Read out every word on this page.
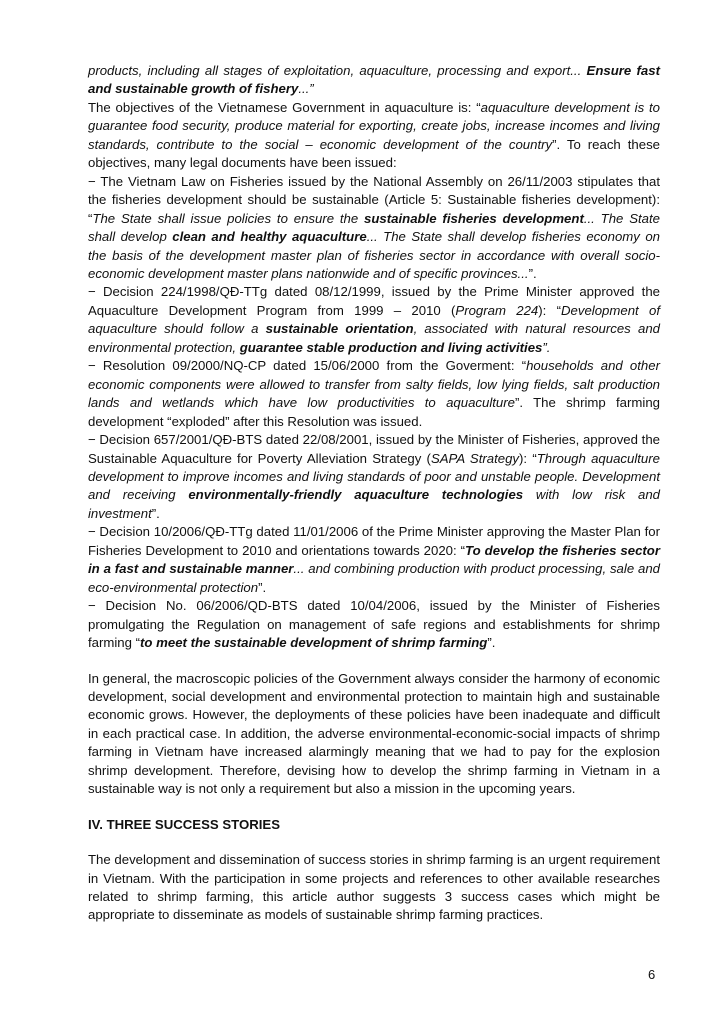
products, including all stages of exploitation, aquaculture, processing and export... Ensure fast and sustainable growth of fishery...”

The objectives of the Vietnamese Government in aquaculture is: “aquaculture development is to guarantee food security, produce material for exporting, create jobs, increase incomes and living standards, contribute to the social – economic development of the country”. To reach these objectives, many legal documents have been issued:

− The Vietnam Law on Fisheries issued by the National Assembly on 26/11/2003 stipulates that the fisheries development should be sustainable (Article 5: Sustainable fisheries development): “The State shall issue policies to ensure the sustainable fisheries development... The State shall develop clean and healthy aquaculture... The State shall develop fisheries economy on the basis of the development master plan of fisheries sector in accordance with overall socio-economic development master plans nationwide and of specific provinces...”.

− Decision 224/1998/QĐ-TTg dated 08/12/1999, issued by the Prime Minister approved the Aquaculture Development Program from 1999 – 2010 (Program 224): “Development of aquaculture should follow a sustainable orientation, associated with natural resources and environmental protection, guarantee stable production and living activities”.

− Resolution 09/2000/NQ-CP dated 15/06/2000 from the Goverment: “households and other economic components were allowed to transfer from salty fields, low lying fields, salt production lands and wetlands which have low productivities to aquaculture”. The shrimp farming development “exploded” after this Resolution was issued.

− Decision 657/2001/QĐ-BTS dated 22/08/2001, issued by the Minister of Fisheries, approved the Sustainable Aquaculture for Poverty Alleviation Strategy (SAPA Strategy): “Through aquaculture development to improve incomes and living standards of poor and unstable people. Development and receiving environmentally-friendly aquaculture technologies with low risk and investment”.

− Decision 10/2006/QĐ-TTg dated 11/01/2006 of the Prime Minister approving the Master Plan for Fisheries Development to 2010 and orientations towards 2020: “To develop the fisheries sector in a fast and sustainable manner... and combining production with product processing, sale and eco-environmental protection”.

− Decision No. 06/2006/QD-BTS dated 10/04/2006, issued by the Minister of Fisheries promulgating the Regulation on management of safe regions and establishments for shrimp farming “to meet the sustainable development of shrimp farming”.

In general, the macroscopic policies of the Government always consider the harmony of economic development, social development and environmental protection to maintain high and sustainable economic grows. However, the deployments of these policies have been inadequate and difficult in each practical case. In addition, the adverse environmental-economic-social impacts of shrimp farming in Vietnam have increased alarmingly meaning that we had to pay for the explosion shrimp development. Therefore, devising how to develop the shrimp farming in Vietnam in a sustainable way is not only a requirement but also a mission in the upcoming years.

IV. THREE SUCCESS STORIES

The development and dissemination of success stories in shrimp farming is an urgent requirement in Vietnam. With the participation in some projects and references to other available researches related to shrimp farming, this article author suggests 3 success cases which might be appropriate to disseminate as models of sustainable shrimp farming practices.

6
